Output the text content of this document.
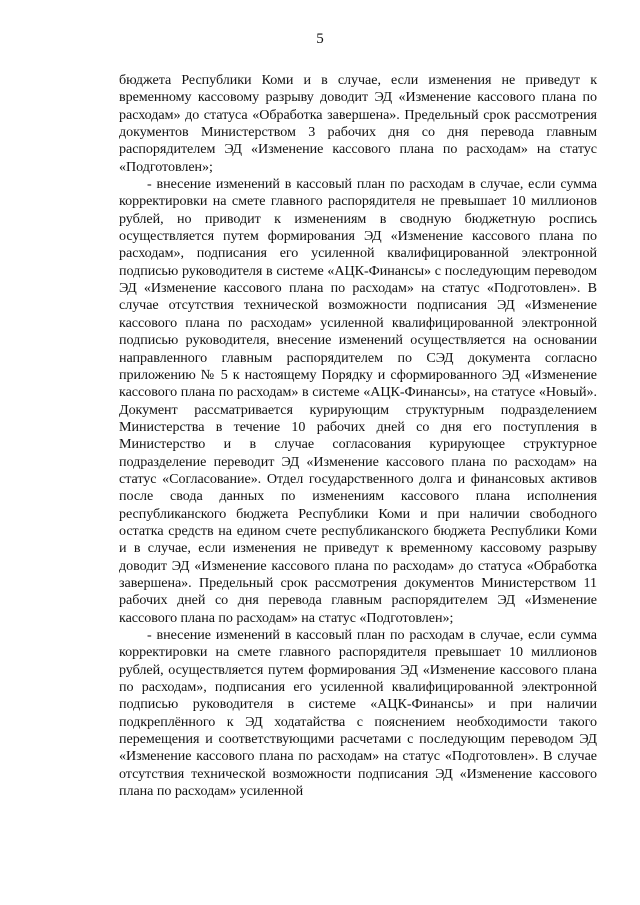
5

бюджета Республики Коми и в случае, если изменения не приведут к временному кассовому разрыву доводит ЭД «Изменение кассового плана по расходам» до статуса «Обработка завершена». Предельный срок рассмотрения документов Министерством 3 рабочих дня со дня перевода главным распорядителем ЭД «Изменение кассового плана по расходам» на статус «Подготовлен»;

- внесение изменений в кассовый план по расходам в случае, если сумма корректировки на смете главного распорядителя не превышает 10 миллионов рублей, но приводит к изменениям в сводную бюджетную роспись осуществляется путем формирования ЭД «Изменение кассового плана по расходам», подписания его усиленной квалифицированной электронной подписью руководителя в системе «АЦК-Финансы» с последующим переводом ЭД «Изменение кассового плана по расходам» на статус «Подготовлен». В случае отсутствия технической возможности подписания ЭД «Изменение кассового плана по расходам» усиленной квалифицированной электронной подписью руководителя, внесение изменений осуществляется на основании направленного главным распорядителем по СЭД документа согласно приложению № 5 к настоящему Порядку и сформированного ЭД «Изменение кассового плана по расходам» в системе «АЦК-Финансы», на статусе «Новый». Документ рассматривается курирующим структурным подразделением Министерства в течение 10 рабочих дней со дня его поступления в Министерство и в случае согласования курирующее структурное подразделение переводит ЭД «Изменение кассового плана по расходам» на статус «Согласование». Отдел государственного долга и финансовых активов после свода данных по изменениям кассового плана исполнения республиканского бюджета Республики Коми и при наличии свободного остатка средств на едином счете республиканского бюджета Республики Коми и в случае, если изменения не приведут к временному кассовому разрыву доводит ЭД «Изменение кассового плана по расходам» до статуса «Обработка завершена». Предельный срок рассмотрения документов Министерством 11 рабочих дней со дня перевода главным распорядителем ЭД «Изменение кассового плана по расходам» на статус «Подготовлен»;

- внесение изменений в кассовый план по расходам в случае, если сумма корректировки на смете главного распорядителя превышает 10 миллионов рублей, осуществляется путем формирования ЭД «Изменение кассового плана по расходам», подписания его усиленной квалифицированной электронной подписью руководителя в системе «АЦК-Финансы» и при наличии подкреплённого к ЭД ходатайства с пояснением необходимости такого перемещения и соответствующими расчетами с последующим переводом ЭД «Изменение кассового плана по расходам» на статус «Подготовлен». В случае отсутствия технической возможности подписания ЭД «Изменение кассового плана по расходам» усиленной
